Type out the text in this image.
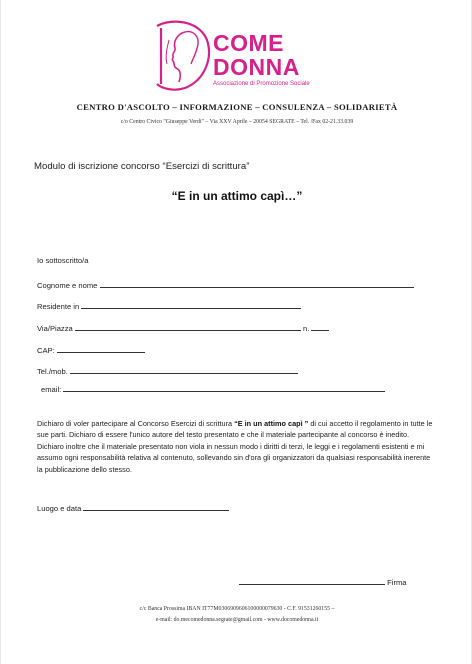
COME
DONNA
Associazione di Promozione Sociale
CENTRO D'ASCOLTO – INFORMAZIONE – CONSULENZA – SOLIDARIETÀ
c/o Centro Civico "Giuseppe Verdi" – Via XXV Aprile – 20054 SEGRATE – Tel. /Fax 02-21.33.039
Modulo di iscrizione concorso “Esercizi di scrittura”
“E in un attimo capì…”
Io sottoscritto/a
Cognome e nome
Residente in
Via/Piazza	n.
CAP:
Tel./mob.
email:
Dichiaro di voler partecipare al Concorso Esercizi di scrittura “E in un attimo capì ” di cui accetto il regolamento in tutte le sue parti. Dichiaro di essere l'unico autore del testo presentato e che il materiale partecipante al concorso è inedito. Dichiaro inoltre che il materiale presentato non viola in nessun modo i diritti di terzi, le leggi e i regolamenti esistenti e mi assumo ogni responsabilità relativa al contenuto, sollevando sin d'ora gli organizzatori da qualsiasi responsabilità inerente la pubblicazione dello stesso.
Luogo e data
Firma
c/c Banca Prossima IBAN IT77M0306909606100000079630 - C.F. 91531260155 –
e-mail: do.mecomedonna.segrate@gmail.com - www.docomedonna.it
